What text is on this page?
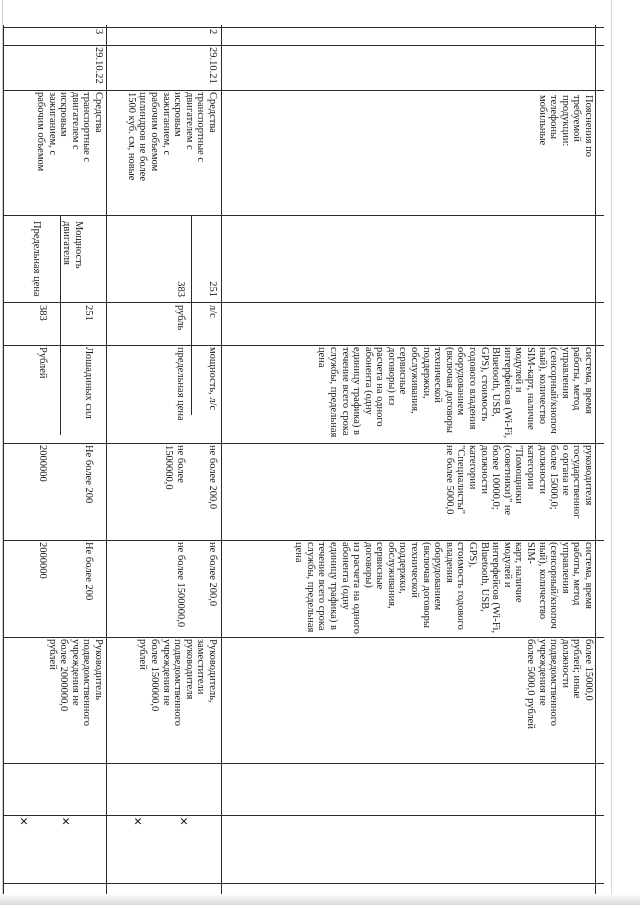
Пояснения по
требуемой
продукции:
телефоны
мобильные
система, время
работы, метод
управления
(сенсорный/кнопоч
ный), количество
SIM-карт, наличие
модулей и
интерфейсов (Wi-Fi,
Bluetooth, USB,
GPS), стоимость
годового владения
оборудованием
(включая договоры
технической
поддержки,
обслуживания,
сервисные
договоры) из
расчета на одного
абонента (одну
единицу трафика) в
течение всего срока
службы, предельная
цена
руководителя
государственног
о органа не
более 15000,0;
должности
категории
"Помощники
(советники)" не
более 10000,0;
должности
категории
"Специалисты"
не более 5000,0
система, время
работы, метод
управления
(сенсорный/кнопоч
ный), количество SIM-
карт, наличие
модулей и
интерфейсов (Wi-Fi,
Bluetooth, USB, GPS),
стоимость годового
владения
оборудованием
(включая договоры
технической
поддержки,
обслуживания,
сервисные договоры)
из расчета на одного
абонента (одну
единицу трафика) в
течение всего срока
службы, предельная
цена
более 15000,0
рублей; иные
должности
подведомственного
учреждения не
более 5000,0 рублей
2
29.10.21
Средства
транспортные с
двигателем с
искровым
зажиганием, с
рабочим объемом
цилиндров не более
1500 куб. см, новые
251
383
л/с
рубль
мощность, л/с
предельная цена
не более 200,0
не более
1500000,0
не более 200,0
не более 1500000,0
Руководитель,
заместители
руководителя
подведомственного
учреждения не
более 1500000,0
рублей
×
×
3
29.10.22
Средства
транспортные с
двигателем с
искровым
зажиганием, с
рабочим объемом
Мощность
двигателя
Предельная цена
251
383
Лошадиных сил
Рублей
Не более 200
2000000
Не более 200
2000000
Руководитель
подведомственного
учреждения не
более 2000000,0
рублей
×
×
